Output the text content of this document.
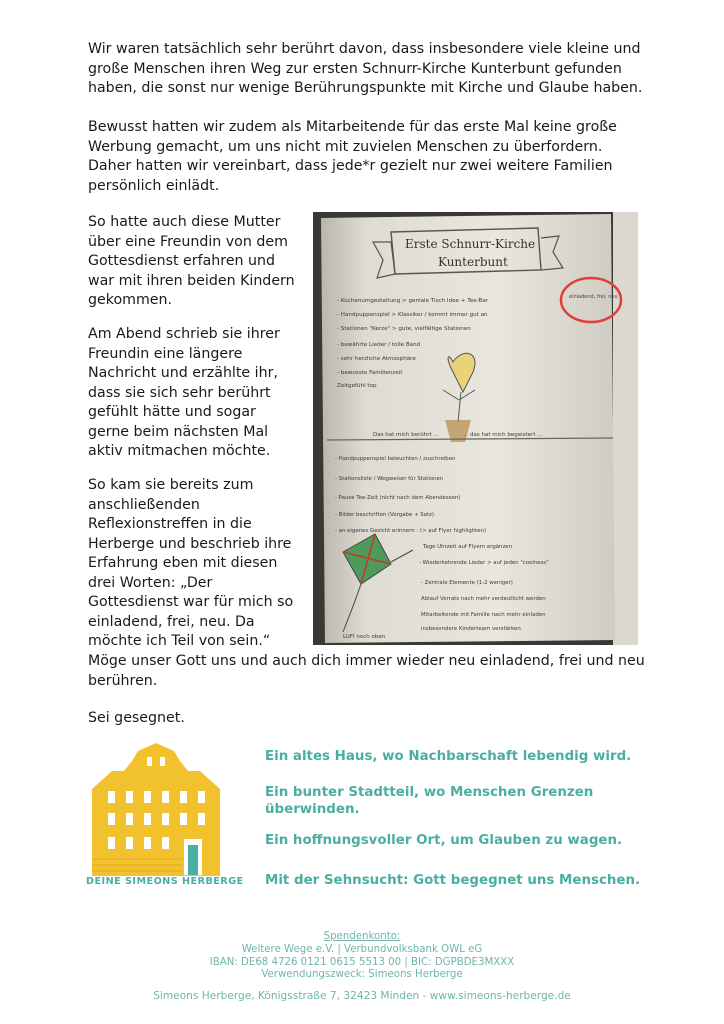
Wir waren tatsächlich sehr berührt davon, dass insbesondere viele kleine und große Menschen ihren Weg zur ersten Schnurr-Kirche Kunterbunt gefunden haben, die sonst nur wenige Berührungspunkte mit Kirche und Glaube haben.

Bewusst hatten wir zudem als Mitarbeitende für das erste Mal keine große Werbung gemacht, um uns nicht mit zuvielen Menschen zu überfordern. Daher hatten wir vereinbart, dass jede*r gezielt nur zwei weitere Familien persönlich einlädt.

So hatte auch diese Mutter über eine Freundin von dem Gottesdienst erfahren und war mit ihren beiden Kindern gekommen.

Am Abend schrieb sie ihrer Freundin eine längere Nachricht und erzählte ihr, dass sie sich sehr berührt gefühlt hätte und sogar gerne beim nächsten Mal aktiv mitmachen möchte.

So kam sie bereits zum anschließenden Reflexionstreffen in die Herberge und beschrieb ihre Erfahrung eben mit diesen drei Worten: „Der Gottesdienst war für mich so einladend, frei, neu. Da möchte ich Teil von sein.“

Erste Schnurr-Kirche
Kunterbunt
einladend, frei, neu
- Küchenumgestaltung > geniale Tisch Idee + Tee-Bar
- Handpuppenspiel > Klassiker / kommt immer gut an
- Stationen "Kerze" > gute, vielfältige Stationen
- bewährte Lieder / tolle Band
- sehr herzliche Atmosphäre
- bewusste Familienzeit
Zeitgefühl top
Das hat mich berührt ...	... das hat mich begeistert ...
- Handpuppenspiel beleuchten / zuschreiben
- Stationsliste / Wegweiser für Stationen
- Pause Tee-Zeit (nicht nach dem Abendessen)
- Bilder beschriften (Vorgabe + Satz)
- an eigenes Gesicht erinnern : (> auf Flyer highlighten)
Tage Uhrzeit auf Flyern ergänzen
- Wiederkehrende Lieder > auf jeden "coolness"
- Zentrale Elemente (1-2 weniger)
Ablauf Vorrats nach mehr verdeutlicht werden
Mitarbeitende mit Familie nach mehr einladen
insbesondere Kinderteam verstärken
LUFI noch oben

Möge unser Gott uns und auch dich immer wieder neu einladend, frei und neu berühren.

Sei gesegnet.

DEINE SIMEONS HERBERGE

Ein altes Haus, wo Nachbarschaft lebendig wird.

Ein bunter Stadtteil, wo Menschen Grenzen überwinden.

Ein hoffnungsvoller Ort, um Glauben zu wagen.

Mit der Sehnsucht: Gott begegnet uns Menschen.

Spendenkonto:
Weitere Wege e.V. | Verbundvolksbank OWL eG
IBAN: DE68 4726 0121 0615 5513 00 | BIC: DGPBDE3MXXX
Verwendungszweck: Simeons Herberge
Simeons Herberge, Königsstraße 7, 32423 Minden - www.simeons-herberge.de
